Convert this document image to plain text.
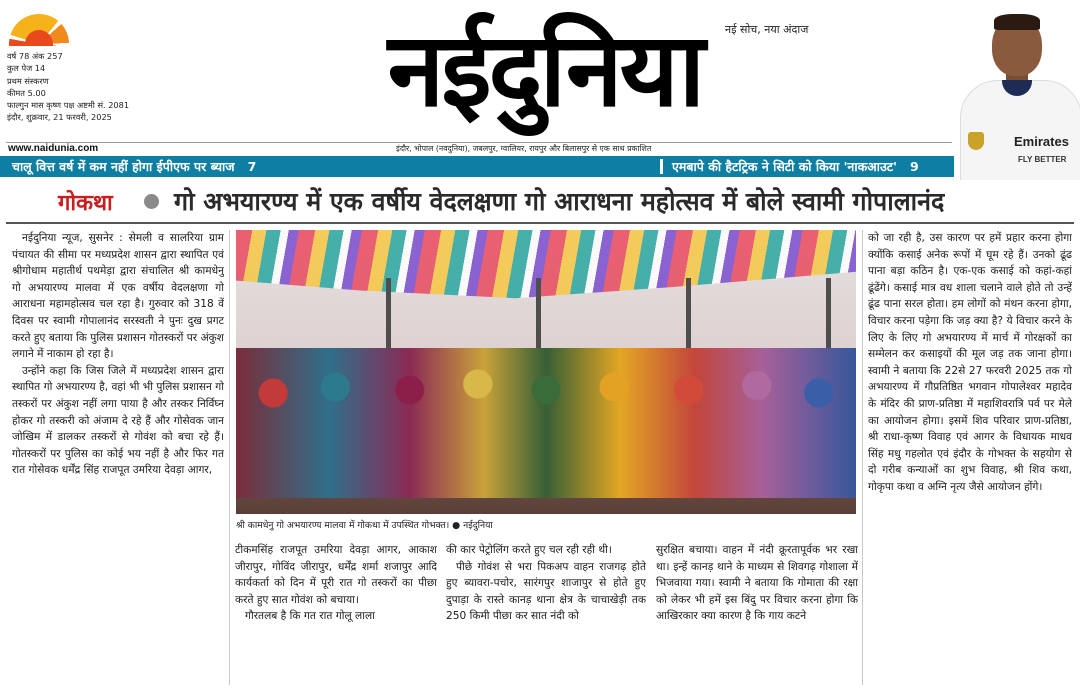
वर्ष 78 अंक 257
कुल पेज 14
प्रथम संस्करण
कीमत 5.00
फाल्गुन मास कृष्ण पक्ष अष्टमी सं. 2081
इंदौर, शुक्रवार, 21 फरवरी, 2025	नईदुनिया	नई सोच, नया अंदाज
Emirates
FLY BETTER
www.naidunia.com	इंदौर, भोपाल (नवदुनिया), जबलपुर, ग्वालियर, रायपुर और बिलासपुर से एक साथ प्रकाशित
चालू वित्त वर्ष में कम नहीं होगा ईपीएफ पर ब्याज 7	एमबापे की हैटट्रिक ने सिटी को किया 'नाकआउट' 9
गोकथा गो अभयारण्य में एक वर्षीय वेदलक्षणा गो आराधना महोत्सव में बोले स्वामी गोपालानंद

नईदुनिया न्यूज, सुसनेर : सेमली व सालरिया ग्राम पंचायत की सीमा पर मध्यप्रदेश शासन द्वारा स्थापित एवं श्रीगोधाम महातीर्थ पथमेड़ा द्वारा संचालित श्री कामधेनु गो अभयारण्य मालवा में एक वर्षीय वेदलक्षणा गो आराधना महामहोत्सव चल रहा है। गुरुवार को 318 वें दिवस पर स्वामी गोपालानंद सरस्वती ने पुनः दुख प्रगट करते हुए बताया कि पुलिस प्रशासन गोतस्करों पर अंकुश लगाने में नाकाम हो रहा है।

उन्होंने कहा कि जिस जिले में मध्यप्रदेश शासन द्वारा स्थापित गो अभयारण्य है, वहां भी भी पुलिस प्रशासन गो तस्करों पर अंकुश नहीं लगा पाया है और तस्कर निर्विघ्न होकर गो तस्करी को अंजाम दे रहे हैं और गोसेवक जान जोखिम में डालकर तस्करों से गोवंश को बचा रहे हैं। गोतस्करों पर पुलिस का कोई भय नहीं है और फिर गत रात गोसेवक धर्मेंद्र सिंह राजपूत उमरिया देवड़ा आगर,

श्री कामधेनु गो अभयारण्य मालवा में गोकथा में उपस्थित गोभक्त। ● नईदुनिया

टीकमसिंह राजपूत उमरिया देवड़ा आगर, आकाश जीरापुर, गोविंद जीरापुर, धर्मेंद्र शर्मा शजापुर आदि कार्यकर्ता को दिन में पूरी रात गो तस्करों का पीछा करते हुए सात गोवंश को बचाया।

गौरतलब है कि गत रात गोलू लाला

की कार पेट्रोलिंग करते हुए चल रही रही थी।

पीछे गोवंश से भरा पिकअप वाहन राजगढ़ होते हुए ब्यावरा-पचोर, सारंगपुर शाजापुर से होते हुए दुपाड़ा के रास्ते कानड़ थाना क्षेत्र के चाचाखेड़ी तक 250 किमी पीछा कर सात नंदी को

सुरक्षित बचाया। वाहन में नंदी क्रूरतापूर्वक भर रखा था। इन्हें कानड़ थाने के माध्यम से शिवगढ़ गोशाला में भिजवाया गया। स्वामी ने बताया कि गोमाता की रक्षा को लेकर भी हमें इस बिंदु पर विचार करना होगा कि आखिरकार क्या कारण है कि गाय कटने

को जा रही है, उस कारण पर हमें प्रहार करना होगा क्योंकि कसाई अनेक रूपों में घूम रहे हैं। उनको ढूंढ पाना बड़ा कठिन है। एक-एक कसाई को कहां-कहां ढूंढेंगे। कसाई मात्र वध शाला चलाने वाले होते तो उन्हें ढूंढ पाना सरल होता। हम लोगों को मंथन करना होगा, विचार करना पड़ेगा कि जड़ क्या है? ये विचार करने के लिए के लिए गो अभयारण्य में मार्च में गोरक्षकों का सम्मेलन कर कसाइयों की मूल जड़ तक जाना होगा। स्वामी ने बताया कि 22से 27 फरवरी 2025 तक गो अभयारण्य में गौप्रतिष्ठित भगवान गोपालेश्वर महादेव के मंदिर की प्राण-प्रतिष्ठा में महाशिवरात्रि पर्व पर मेले का आयोजन होगा। इसमें शिव परिवार प्राण-प्रतिष्ठा, श्री राधा-कृष्ण विवाह एवं आगर के विधायक माधव सिंह मधु गहलोत एवं इंदौर के गोभक्त के सहयोग से दो गरीब कन्याओं का शुभ विवाह, श्री शिव कथा, गोकृपा कथा व अग्नि नृत्य जैसे आयोजन होंगे।
